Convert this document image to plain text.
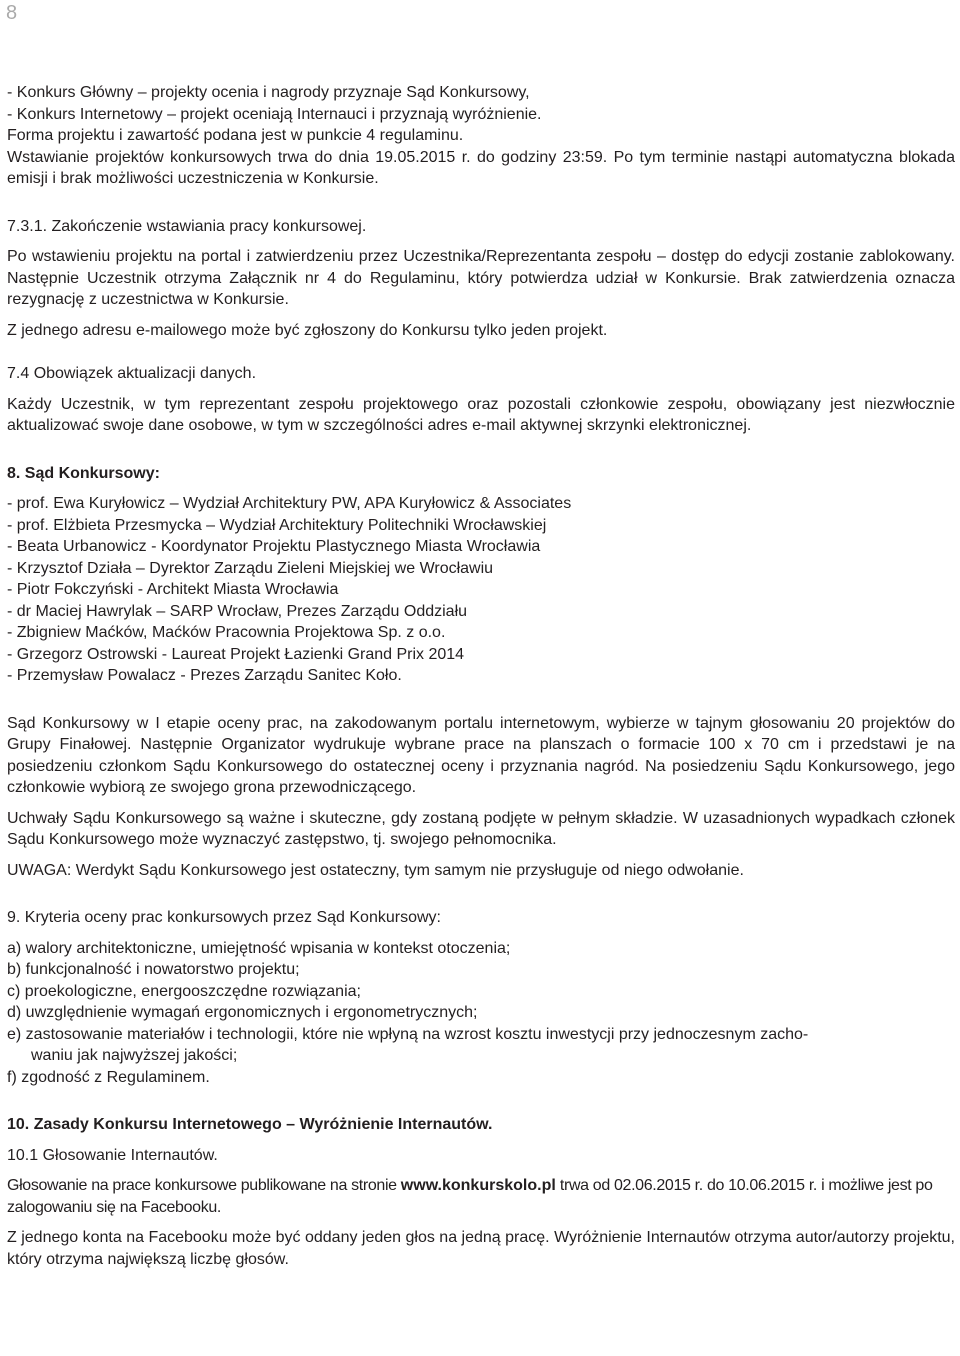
8

- Konkurs Główny – projekty ocenia i nagrody przyznaje Sąd Konkursowy,

- Konkurs Internetowy – projekt oceniają Internauci i przyznają wyróżnienie.

Forma projektu i zawartość podana jest w punkcie 4 regulaminu.

Wstawianie projektów konkursowych trwa do dnia 19.05.2015 r. do godziny 23:59. Po tym terminie nastąpi automatyczna blokada emisji i brak możliwości uczestniczenia w Konkursie.

7.3.1. Zakończenie wstawiania pracy konkursowej.

Po wstawieniu projektu na portal i zatwierdzeniu przez Uczestnika/Reprezentanta zespołu – dostęp do edycji zostanie zablokowany. Następnie Uczestnik otrzyma Załącznik nr 4 do Regulaminu, który potwierdza udział w Konkursie. Brak zatwierdzenia oznacza rezygnację z uczestnictwa w Konkursie.

Z jednego adresu e-mailowego może być zgłoszony do Konkursu tylko jeden projekt.

7.4 Obowiązek aktualizacji danych.

Każdy Uczestnik, w tym reprezentant zespołu projektowego oraz pozostali członkowie zespołu, obowiązany jest niezwłocznie aktualizować swoje dane osobowe, w tym w szczególności adres e-mail aktywnej skrzynki elektronicznej.

8. Sąd Konkursowy:

- prof. Ewa Kuryłowicz – Wydział Architektury PW, APA Kuryłowicz & Associates

- prof. Elżbieta Przesmycka – Wydział Architektury Politechniki Wrocławskiej

- Beata Urbanowicz - Koordynator Projektu Plastycznego Miasta Wrocławia

- Krzysztof Działa – Dyrektor Zarządu Zieleni Miejskiej we Wrocławiu

- Piotr Fokczyński - Architekt Miasta Wrocławia

- dr Maciej Hawrylak – SARP Wrocław, Prezes Zarządu Oddziału

- Zbigniew Maćków, Maćków Pracownia Projektowa Sp. z o.o.

- Grzegorz Ostrowski - Laureat Projekt Łazienki Grand Prix 2014

- Przemysław Powalacz - Prezes Zarządu Sanitec Koło.

Sąd Konkursowy w I etapie oceny prac, na zakodowanym portalu internetowym, wybierze w tajnym głosowaniu 20 projektów do Grupy Finałowej. Następnie Organizator wydrukuje wybrane prace na planszach o formacie 100 x 70 cm i przedstawi je na posiedzeniu członkom Sądu Konkursowego do ostatecznej oceny i przyznania nagród. Na posiedzeniu Sądu Konkursowego, jego członkowie wybiorą ze swojego grona przewodniczącego.

Uchwały Sądu Konkursowego są ważne i skuteczne, gdy zostaną podjęte w pełnym składzie. W uzasadnionych wypadkach członek Sądu Konkursowego może wyznaczyć zastępstwo, tj. swojego pełnomocnika.

UWAGA: Werdykt Sądu Konkursowego jest ostateczny, tym samym nie przysługuje od niego odwołanie.

9. Kryteria oceny prac konkursowych przez Sąd Konkursowy:

a) walory architektoniczne, umiejętność wpisania w kontekst otoczenia;

b) funkcjonalność i nowatorstwo projektu;

c) proekologiczne, energooszczędne rozwiązania;

d) uwzględnienie wymagań ergonomicznych i ergonometrycznych;

e) zastosowanie materiałów i technologii, które nie wpłyną na wzrost kosztu inwestycji przy jednoczesnym zacho-
waniu jak najwyższej jakości;

f) zgodność z Regulaminem.

10. Zasady Konkursu Internetowego – Wyróżnienie Internautów.

10.1 Głosowanie Internautów.

Głosowanie na prace konkursowe publikowane na stronie www.konkurskolo.pl trwa od 02.06.2015 r. do 10.06.2015 r. i możliwe jest po zalogowaniu się na Facebooku.

Z jednego konta na Facebooku może być oddany jeden głos na jedną pracę. Wyróżnienie Internautów otrzyma autor/autorzy projektu, który otrzyma największą liczbę głosów.
